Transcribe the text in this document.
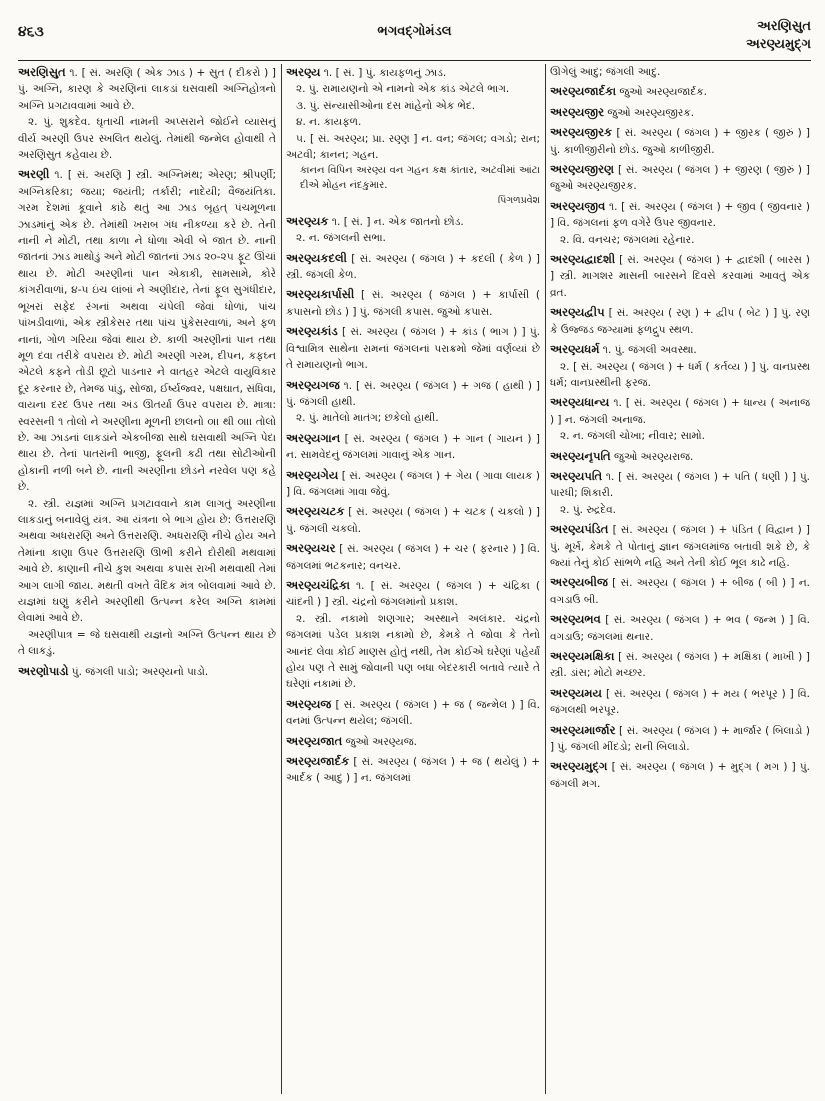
૪૬૩	ભગવદ્ગોમંડલ	અરણિસુત
અરણ્યમુદ્ગ

અરણિસુત ૧. [ સં. અરણિ ( એક ઝાડ ) + સુત ( દીકરો ) ] પું. અગ્નિ, કારણ કે અરણિનાં લાકડાં ઘસવાથી અગ્નિહોત્રનો અગ્નિ પ્રગટાવવામાં આવે છે.

૨. પું. શુકદેવ. ઘૃતાચી નામની અપ્સરાને જોઈને વ્યાસનું વીર્ય અરણી ઉપર સ્ખલિત થયેલું. તેમાંથી જન્મેલ હોવાથી તે અરણિસુત કહેવાય છે.

અરણી ૧. [ સં. અરણિ ] સ્ત્રી. અગ્નિમંથ; એરણ; શ્રીપર્ણી; અગ્નિકરિકા; જયા; જયંતી; તર્કારી; નાદેયી; વૈજયંતિકા. ગરમ દેશમાં કૂવાને કાંઠે થતું આ ઝાડ બૃહત્ પંચમૂળના ઝાડમાંનું એક છે. તેમાંથી ખરાબ ગંધ નીકળ્યા કરે છે. તેની નાની ને મોટી, તથા કાળા ને ધોળા એવી બે જાત છે. નાની જાતનાં ઝાડ માથોડું અને મોટી જાતનાં ઝાડ ૨૦-૨૫ ફૂટ ઊંચાં થાય છે. મોટી અરણીનાં પાન એકાકી, સામસામે, કોરે કાંગરીવાળાં, ૪-૫ ઇંચ લાંબાં ને અણીદાર, તેનાં ફૂલ સુગંધીદાર, ભૂખરાં સફેદ રંગનાં અથવા ચંપેલી જેવાં ધોળાં, પાંચ પાંખડીવાળાં, એક સ્ત્રીકેસર તથા પાંચ પુંકેસરવાળાં, અને ફળ નાનાં, ગોળ ગરિયા જેવાં થાય છે. કાળી અરણીનાં પાન તથા મૂળ દવા તરીકે વપરાય છે. મોટી અરણી ગરમ, દીપન, કફઘ્ન એટલે કફને તોડી છૂટો પાડનાર ને વાતહર એટલે વાયુવિકાર દૂર કરનાર છે, તેમજ પાંડુ, સોજા, ઈર્ષ્યજ્વર, પક્ષઘાત, સંધિવા, વાયના દરદ ઉપર તથા અંડ ઊતર્યા ઉપર વપરાય છે. માત્રા: સ્વરસની ૧ તોલો ને અરણીના મૂળની છાલનો ૦।। થી ૦।।। તોલો છે. આ ઝાડનાં લાકડાંને એકબીજા સાથે ઘસવાથી અગ્નિ પેદા થાય છે. તેનાં પાતરાંની ભાજી, ફૂલની કઢી તથા સોટીઓની હોકાની નળી બને છે. નાની અરણીના છોડને નરવેલ પણ કહે છે.

૨. સ્ત્રી. યજ્ઞમાં અગ્નિ પ્રગટાવવાને કામ લાગતું અરણીના લાકડાનું બનાવેલું યંત્ર. આ યંત્રના બે ભાગ હોય છે: ઉત્તરારણિ અથવા અધરારણિ અને ઉત્તરારણિ. અધરારણિ નીચે હોય અને તેમાંના કાણા ઉપર ઉત્તરારણિ ઊભી કરીને દોરીથી મથવામાં આવે છે. કાણાની નીચે કુશ અથવા કપાસ રાખી મથવાથી તેમાં આગ લાગી જાય. મથતી વખતે વૈદિક મંત્ર બોલવામાં આવે છે. યજ્ઞમાં ઘણું કરીને અરણીથી ઉત્પન્ન કરેલ અગ્નિ કામમાં લેવામાં આવે છે.

અરણીપાત્ર = જે ઘસવાથી યજ્ઞનો અગ્નિ ઉત્પન્ન થાય છે તે લાકડું.

અરણોપાડો પું. જંગલી પાડો; અરણ્યનો પાડો.

અરણ્ય ૧. [ સં. ] પું. કાયફળનું ઝાડ.

૨. પું. રામાયણનો એ નામનો એક કાંડ એટલે ભાગ.

૩. પું. સંન્યાસીઓના દસ માંહેનો એક ભેદ.

૪. ન. કાયફળ.

૫. [ સં. અરણ્ય; પ્રા. રણ્ણ ] ન. વન; જંગલ; વગડો; રાન; અટવી; કાનન; ગહન.

કાનન વિપિન અરણ્ય વન ગહન કક્ષ કાંતાર, અટવીમાં આંટા દીએ મોહન નંદકુમાર.

પિંગળપ્રવેશ

અરણ્યક ૧. [ સં. ] ન. એક જાતનો છોડ.

૨. ન. જંગલની સભા.

અરણ્યકદલી [ સં. અરણ્ય ( જંગલ ) + કદલી ( કેળ ) ] સ્ત્રી. જંગલી કેળ.

અરણ્યકાર્પાસી [ સં. અરણ્ય ( જંગલ ) + કાર્પાસી ( કપાસનો છોડ ) ] પું. જંગલી કપાસ. જુઓ કપાસ.

અરણ્યકાંડ [ સં. અરણ્ય ( જંગલ ) + કાંડ ( ભાગ ) ] પું. વિશ્વામિત્ર સાથેના રામનાં જંગલનાં પરાક્રમો જેમાં વર્ણવ્યાં છે તે રામાયણનો ભાગ.

અરણ્યગજ ૧. [ સં. અરણ્ય ( જંગલ ) + ગજ ( હાથી ) ] પું. જંગલી હાથી.

૨. પું. માતેલો માતંગ; છકેલો હાથી.

અરણ્યગાન [ સં. અરણ્ય ( જંગલ ) + ગાન ( ગાયન ) ] ન. સામવેદનું જંગલમાં ગાવાનું એક ગાન.

અરણ્યગેય [ સં. અરણ્ય ( જંગલ ) + ગેય ( ગાવા લાયક ) ] વિ. જંગલમાં ગાવા જેવું.

અરણ્યચટક [ સં. અરણ્ય ( જંગલ ) + ચટક ( ચકલો ) ] પું. જંગલી ચકલો.

અરણ્યચર [ સં. અરણ્ય ( જંગલ ) + ચર ( ફરનાર ) ] વિ. જંગલમાં ભટકનાર; વનચર.

અરણ્યચંદ્રિકા ૧. [ સં. અરણ્ય ( જંગલ ) + ચંદ્રિકા ( ચાંદની ) ] સ્ત્રી. ચંદ્રનો જંગલમાંનો પ્રકાશ.

૨. સ્ત્રી. નકામો શણગાર; અસ્થાને અલંકાર. ચંદ્રનો જંગલમાં પડેલ પ્રકાશ નકામો છે, કેમકે તે જોવા કે તેનો આનંદ લેવા કોઈ માણસ હોતું નથી, તેમ કોઈએ ઘરેણાં પહેર્યાં હોય પણ તે સામું જોવાની પણ બધા બેદરકારી બતાવે ત્યારે તે ઘરેણાં નકામાં છે.

અરણ્યજ [ સં. અરણ્ય ( જંગલ ) + જ ( જન્મેલ ) ] વિ. વનમાં ઉત્પન્ન થયેલ; જંગલી.

અરણ્યજાત જુઓ અરણ્યજ.

અરણ્યજાર્દક [ સં. અરણ્ય ( જંગલ ) + જ ( થયેલું ) + આર્દક ( આદુ ) ] ન. જંગલમાં

ઊગેલું આદુ; જંગલી આદુ.

અરણ્યજાર્દકા જુઓ અરણ્યજાર્દક.

અરણ્યજીર જુઓ અરણ્યજીરક.

અરણ્યજીરક [ સં. અરણ્ય ( જંગલ ) + જીરક ( જીરું ) ] પું. કાળીજીરીનો છોડ. જુઓ કાળીજીરી.

અરણ્યજીરણ [ સં. અરણ્ય ( જંગલ ) + જીરણ ( જીરું ) ] જુઓ અરણ્યજીરક.

અરણ્યજીવ ૧. [ સં. અરણ્ય ( જંગલ ) + જીવ ( જીવનાર ) ] વિ. જંગલનાં ફળ વગેરે ઉપર જીવનાર.

૨. વિ. વનચર; જંગલમાં રહેનાર.

અરણ્યદ્વાદશી [ સં. અરણ્ય ( જંગલ ) + દ્વાદશી ( બારસ ) ] સ્ત્રી. માગશર માસની બારસને દિવસે કરવામાં આવતું એક વ્રત.

અરણ્યદ્વીપ [ સં. અરણ્ય ( રણ ) + દ્વીપ ( બેટ ) ] પું. રણ કે ઉજ્જડ જગ્યામાં ફળદ્રુપ સ્થળ.

અરણ્યધર્મ ૧. પું. જંગલી અવસ્થા.

૨. [ સં. અરણ્ય ( જંગલ ) + ધર્મ ( કર્તવ્ય ) ] પું. વાનપ્રસ્થ ધર્મ; વાનપ્રસ્થીની ફરજ.

અરણ્યધાન્ય ૧. [ સં. અરણ્ય ( જંગલ ) + ધાન્ય ( અનાજ ) ] ન. જંગલી અનાજ.

૨. ન. જંગલી ચોખા; નીવાર; સામો.

અરણ્યનૃપતિ જુઓ અરણ્યરાજ.

અરણ્યપતિ ૧. [ સં. અરણ્ય ( જંગલ ) + પતિ ( ધણી ) ] પું. પારધી; શિકારી.

૨. પું. રુદ્રદેવ.

અરણ્યપંડિત [ સં. અરણ્ય ( જંગલ ) + પંડિત ( વિદ્વાન ) ] પું. મૂર્ખ, કેમકે તે પોતાનું જ્ઞાન જંગલમાંજ બતાવી શકે છે, કે જ્યાં તેનું કોઈ સાંભળે નહિ અને તેની કોઈ ભૂલ કાઢે નહિ.

અરણ્યબીજ [ સં. અરણ્ય ( જંગલ ) + બીજ ( બી ) ] ન. વગડાઉ બી.

અરણ્યભવ [ સં. અરણ્ય ( જંગલ ) + ભવ ( જન્મ ) ] વિ. વગડાઉ; જંગલમાં થનાર.

અરણ્યમક્ષિકા [ સં. અરણ્ય ( જંગલ ) + મક્ષિકા ( માખી ) ] સ્ત્રી. ડાંસ; મોટો મચ્છર.

અરણ્યમય [ સં. અરણ્ય ( જંગલ ) + મય ( ભરપૂર ) ] વિ. જંગલથી ભરપૂર.

અરણ્યમાર્જાર [ સં. અરણ્ય ( જંગલ ) + માર્જાર ( બિલાડો ) ] પું. જંગલી મીંદડો; રાની બિલાડો.

અરણ્યમુદ્ગ [ સં. અરણ્ય ( જંગલ ) + મુદ્ગ ( મગ ) ] પું. જંગલી મગ.
